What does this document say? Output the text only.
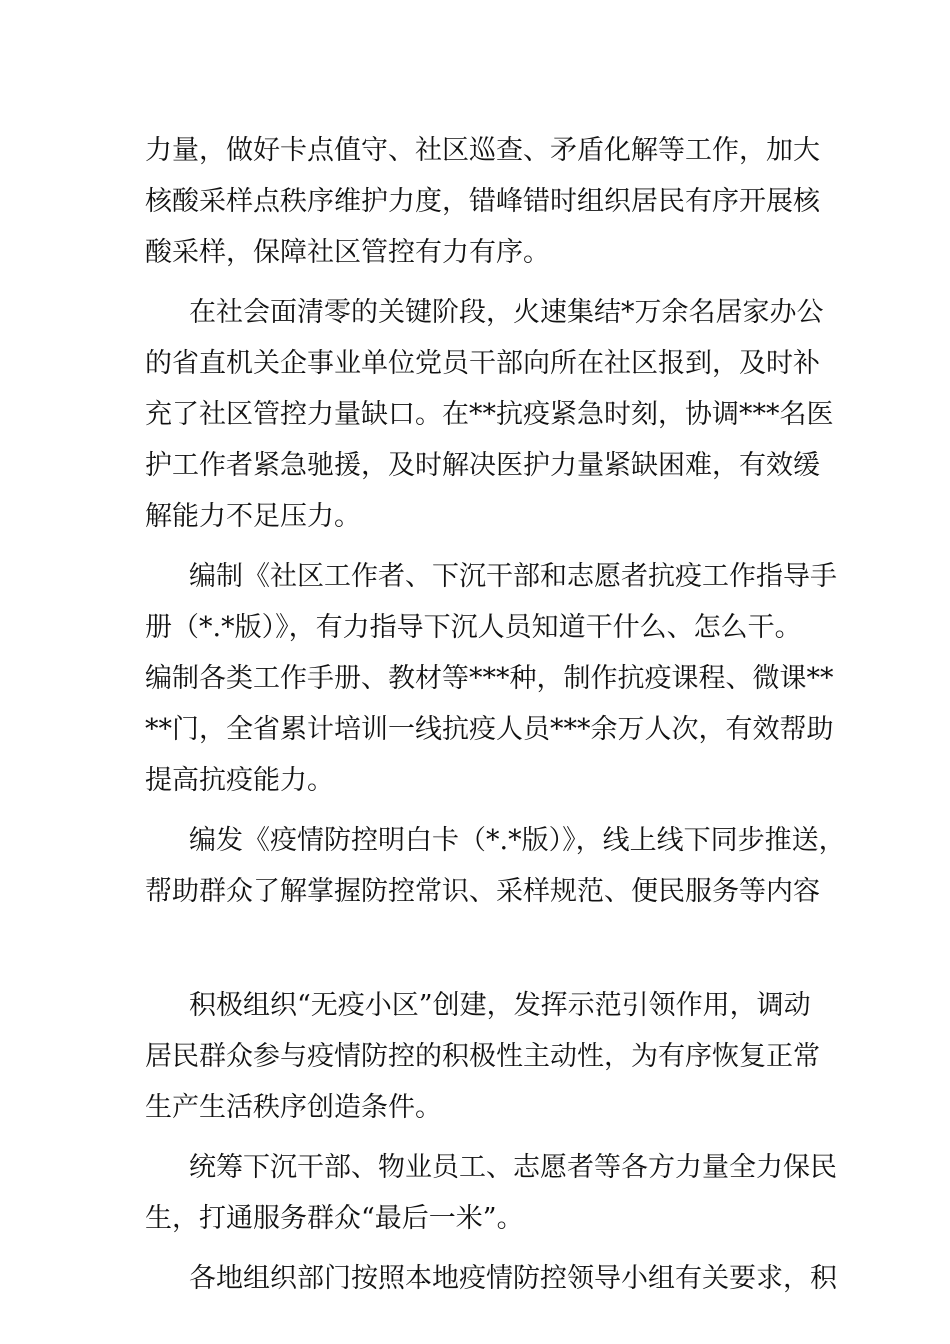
力量，做好卡点值守、社区巡查、矛盾化解等工作，加大
核酸采样点秩序维护力度，错峰错时组织居民有序开展核
酸采样，保障社区管控有力有序。
在社会面清零的关键阶段，火速集结*万余名居家办公
的省直机关企事业单位党员干部向所在社区报到，及时补
充了社区管控力量缺口。在**抗疫紧急时刻，协调***名医
护工作者紧急驰援，及时解决医护力量紧缺困难，有效缓
解能力不足压力。
编制《社区工作者、下沉干部和志愿者抗疫工作指导手
册（*.*版）》，有力指导下沉人员知道干什么、怎么干。
编制各类工作手册、教材等***种，制作抗疫课程、微课**
**门，全省累计培训一线抗疫人员***余万人次，有效帮助
提高抗疫能力。
编发《疫情防控明白卡（*.*版）》，线上线下同步推送，
帮助群众了解掌握防控常识、采样规范、便民服务等内容
积极组织“无疫小区”创建，发挥示范引领作用，调动
居民群众参与疫情防控的积极性主动性，为有序恢复正常
生产生活秩序创造条件。
统筹下沉干部、物业员工、志愿者等各方力量全力保民
生，打通服务群众“最后一米”。
各地组织部门按照本地疫情防控领导小组有关要求，积
